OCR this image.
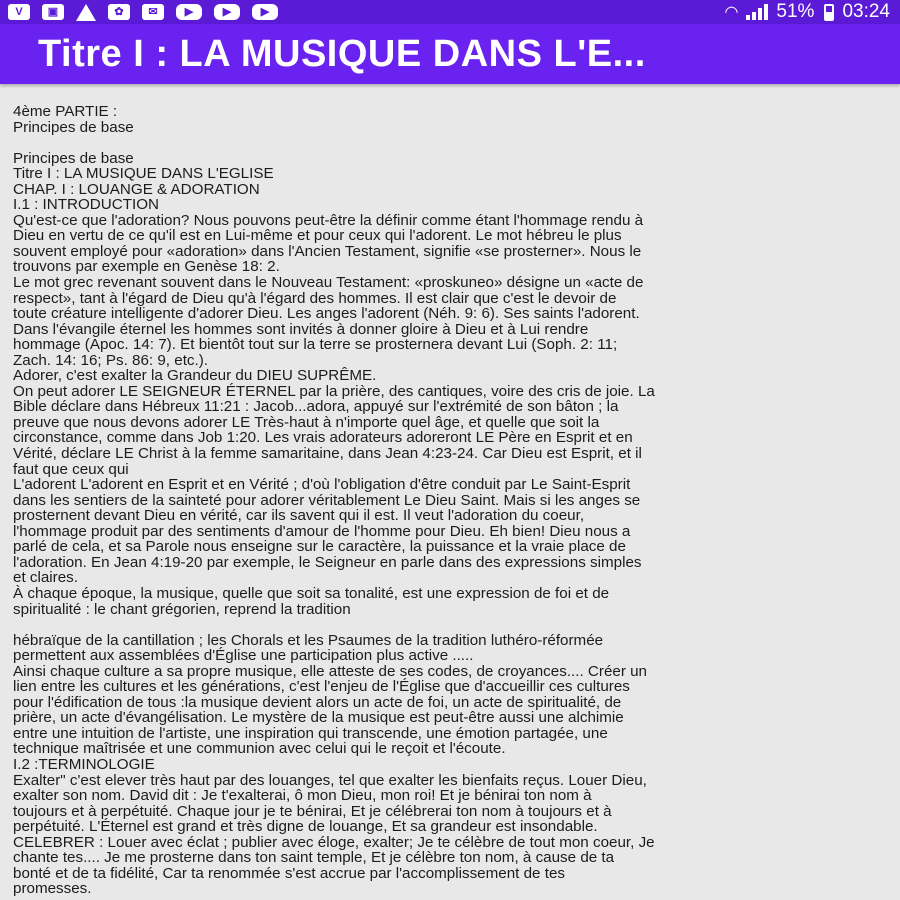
V	▣	✿	✉	▶	▶	▶	◠ 51% 03:24
Titre I : LA MUSIQUE DANS L'E...

4ème PARTIE :

Principes de base

Principes de base

Titre I : LA MUSIQUE DANS L'EGLISE

CHAP. I : LOUANGE & ADORATION

I.1 : INTRODUCTION

Qu'est-ce que l'adoration? Nous pouvons peut-être la définir comme étant l'hommage rendu à

Dieu en vertu de ce qu'il est en Lui-même et pour ceux qui l'adorent. Le mot hébreu le plus

souvent employé pour «adoration» dans l'Ancien Testament, signifie «se prosterner». Nous le

trouvons par exemple en Genèse 18: 2.

Le mot grec revenant souvent dans le Nouveau Testament: «proskuneo» désigne un «acte de

respect», tant à l'égard de Dieu qu'à l'égard des hommes. Il est clair que c'est le devoir de

toute créature intelligente d'adorer Dieu. Les anges l'adorent (Néh. 9: 6). Ses saints l'adorent.

Dans l'évangile éternel les hommes sont invités à donner gloire à Dieu et à Lui rendre

hommage (Apoc. 14: 7). Et bientôt tout sur la terre se prosternera devant Lui (Soph. 2: 11;

Zach. 14: 16; Ps. 86: 9, etc.).

Adorer, c'est exalter la Grandeur du DIEU SUPRÊME.

On peut adorer LE SEIGNEUR ÉTERNEL par la prière, des cantiques, voire des cris de joie. La

Bible déclare dans Hébreux 11:21 : Jacob...adora, appuyé sur l'extrémité de son bâton ; la

preuve que nous devons adorer LE Très-haut à n'importe quel âge, et quelle que soit la

circonstance, comme dans Job 1:20. Les vrais adorateurs adoreront LE Père en Esprit et en

Vérité, déclare LE Christ à la femme samaritaine, dans Jean 4:23-24. Car Dieu est Esprit, et il

faut que ceux qui

L'adorent L'adorent en Esprit et en Vérité ; d'où l'obligation d'être conduit par Le Saint-Esprit

dans les sentiers de la sainteté pour adorer véritablement Le Dieu Saint. Mais si les anges se

prosternent devant Dieu en vérité, car ils savent qui il est. Il veut l'adoration du coeur,

l'hommage produit par des sentiments d'amour de l'homme pour Dieu. Eh bien! Dieu nous a

parlé de cela, et sa Parole nous enseigne sur le caractère, la puissance et la vraie place de

l'adoration. En Jean 4:19-20 par exemple, le Seigneur en parle dans des expressions simples

et claires.

À chaque époque, la musique, quelle que soit sa tonalité, est une expression de foi et de

spiritualité : le chant grégorien, reprend la tradition

hébraïque de la cantillation ; les Chorals et les Psaumes de la tradition luthéro-réformée

permettent aux assemblées d'Église une participation plus active .....

Ainsi chaque culture a sa propre musique, elle atteste de ses codes, de croyances.... Créer un

lien entre les cultures et les générations, c'est l'enjeu de l'Église que d'accueillir ces cultures

pour l'édification de tous :la musique devient alors un acte de foi, un acte de spiritualité, de

prière, un acte d'évangélisation. Le mystère de la musique est peut-être aussi une alchimie

entre une intuition de l'artiste, une inspiration qui transcende, une émotion partagée, une

technique maîtrisée et une communion avec celui qui le reçoit et l'écoute.

I.2 :TERMINOLOGIE

Exalter" c'est elever très haut par des louanges, tel que exalter les bienfaits reçus. Louer Dieu,

exalter son nom. David dit : Je t'exalterai, ô mon Dieu, mon roi! Et je bénirai ton nom à

toujours et à perpétuité. Chaque jour je te bénirai, Et je célébrerai ton nom à toujours et à

perpétuité. L'Éternel est grand et très digne de louange, Et sa grandeur est insondable.

CELEBRER : Louer avec éclat ; publier avec éloge, exalter; Je te célèbre de tout mon coeur, Je

chante tes.... Je me prosterne dans ton saint temple, Et je célèbre ton nom, à cause de ta

bonté et de ta fidélité, Car ta renommée s'est accrue par l'accomplissement de tes

promesses.
